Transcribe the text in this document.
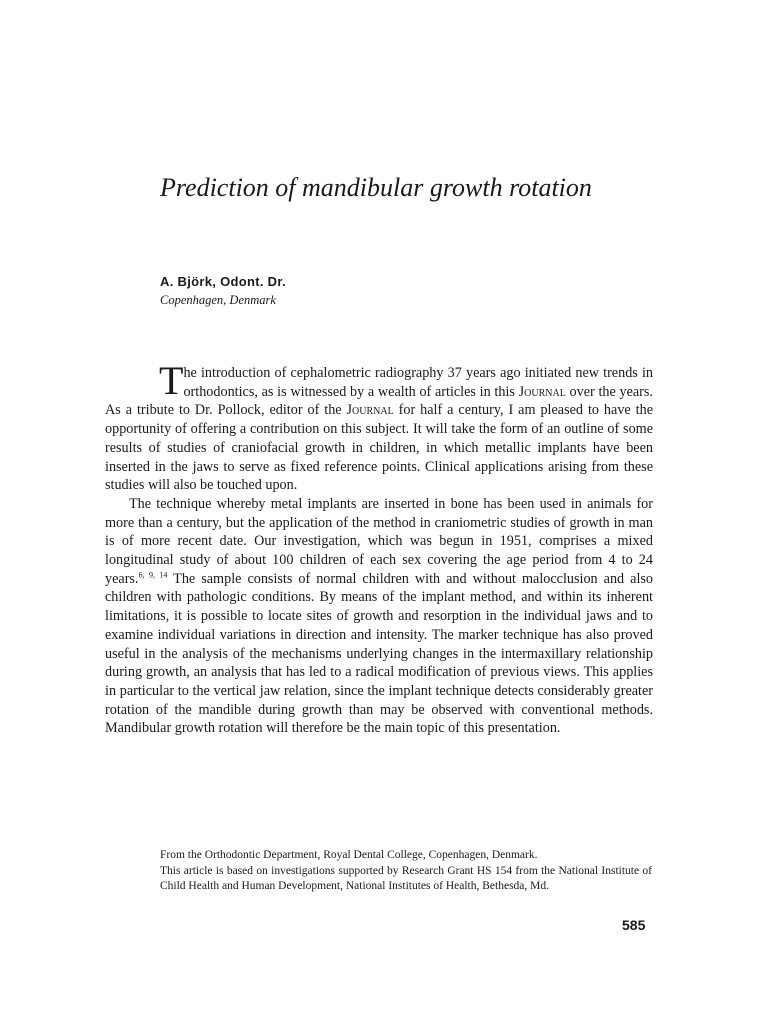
Prediction of mandibular growth rotation
A. Björk, Odont. Dr.
Copenhagen, Denmark

The introduction of cephalometric radiography 37 years ago initiated new trends in orthodontics, as is witnessed by a wealth of articles in this Journal over the years. As a tribute to Dr. Pollock, editor of the Journal for half a century, I am pleased to have the opportunity of offering a contribution on this subject. It will take the form of an outline of some results of studies of craniofacial growth in children, in which metallic implants have been inserted in the jaws to serve as fixed reference points. Clinical applications arising from these studies will also be touched upon.

The technique whereby metal implants are inserted in bone has been used in animals for more than a century, but the application of the method in craniometric studies of growth in man is of more recent date. Our investigation, which was begun in 1951, comprises a mixed longitudinal study of about 100 children of each sex covering the age period from 4 to 24 years.$^{6, 9, 14}$ The sample consists of normal children with and without malocclusion and also children with pathologic conditions. By means of the implant method, and within its inherent limitations, it is possible to locate sites of growth and resorption in the individual jaws and to examine individual variations in direction and intensity. The marker technique has also proved useful in the analysis of the mechanisms underlying changes in the intermaxillary relationship during growth, an analysis that has led to a radical modification of previous views. This applies in particular to the vertical jaw relation, since the implant technique detects considerably greater rotation of the mandible during growth than may be observed with conventional methods. Mandibular growth rotation will therefore be the main topic of this presentation.

From the Orthodontic Department, Royal Dental College, Copenhagen, Denmark.
This article is based on investigations supported by Research Grant HS 154 from the National Institute of Child Health and Human Development, National Institutes of Health, Bethesda, Md.
585
